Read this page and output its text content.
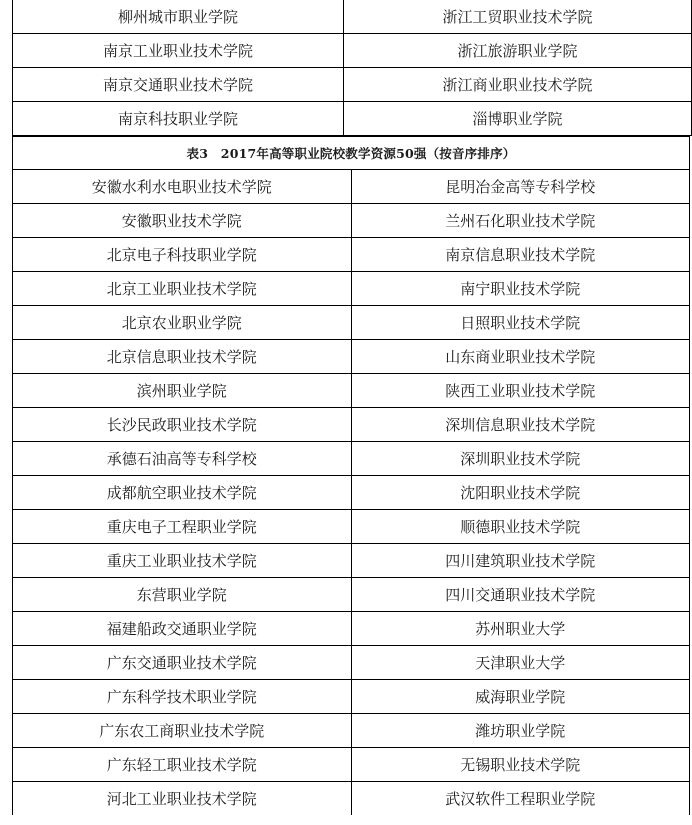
柳州城市职业学院	浙江工贸职业技术学院
南京工业职业技术学院	浙江旅游职业学院
南京交通职业技术学院	浙江商业职业技术学院
南京科技职业学院	淄博职业学院
表3　2017年高等职业院校教学资源50强（按音序排序）	
安徽水利水电职业技术学院	昆明冶金高等专科学校
安徽职业技术学院	兰州石化职业技术学院
北京电子科技职业学院	南京信息职业技术学院
北京工业职业技术学院	南宁职业技术学院
北京农业职业学院	日照职业技术学院
北京信息职业技术学院	山东商业职业技术学院
滨州职业学院	陕西工业职业技术学院
长沙民政职业技术学院	深圳信息职业技术学院
承德石油高等专科学校	深圳职业技术学院
成都航空职业技术学院	沈阳职业技术学院
重庆电子工程职业学院	顺德职业技术学院
重庆工业职业技术学院	四川建筑职业技术学院
东营职业学院	四川交通职业技术学院
福建船政交通职业学院	苏州职业大学
广东交通职业技术学院	天津职业大学
广东科学技术职业学院	威海职业学院
广东农工商职业技术学院	潍坊职业学院
广东轻工职业技术学院	无锡职业技术学院
河北工业职业技术学院	武汉软件工程职业学院
